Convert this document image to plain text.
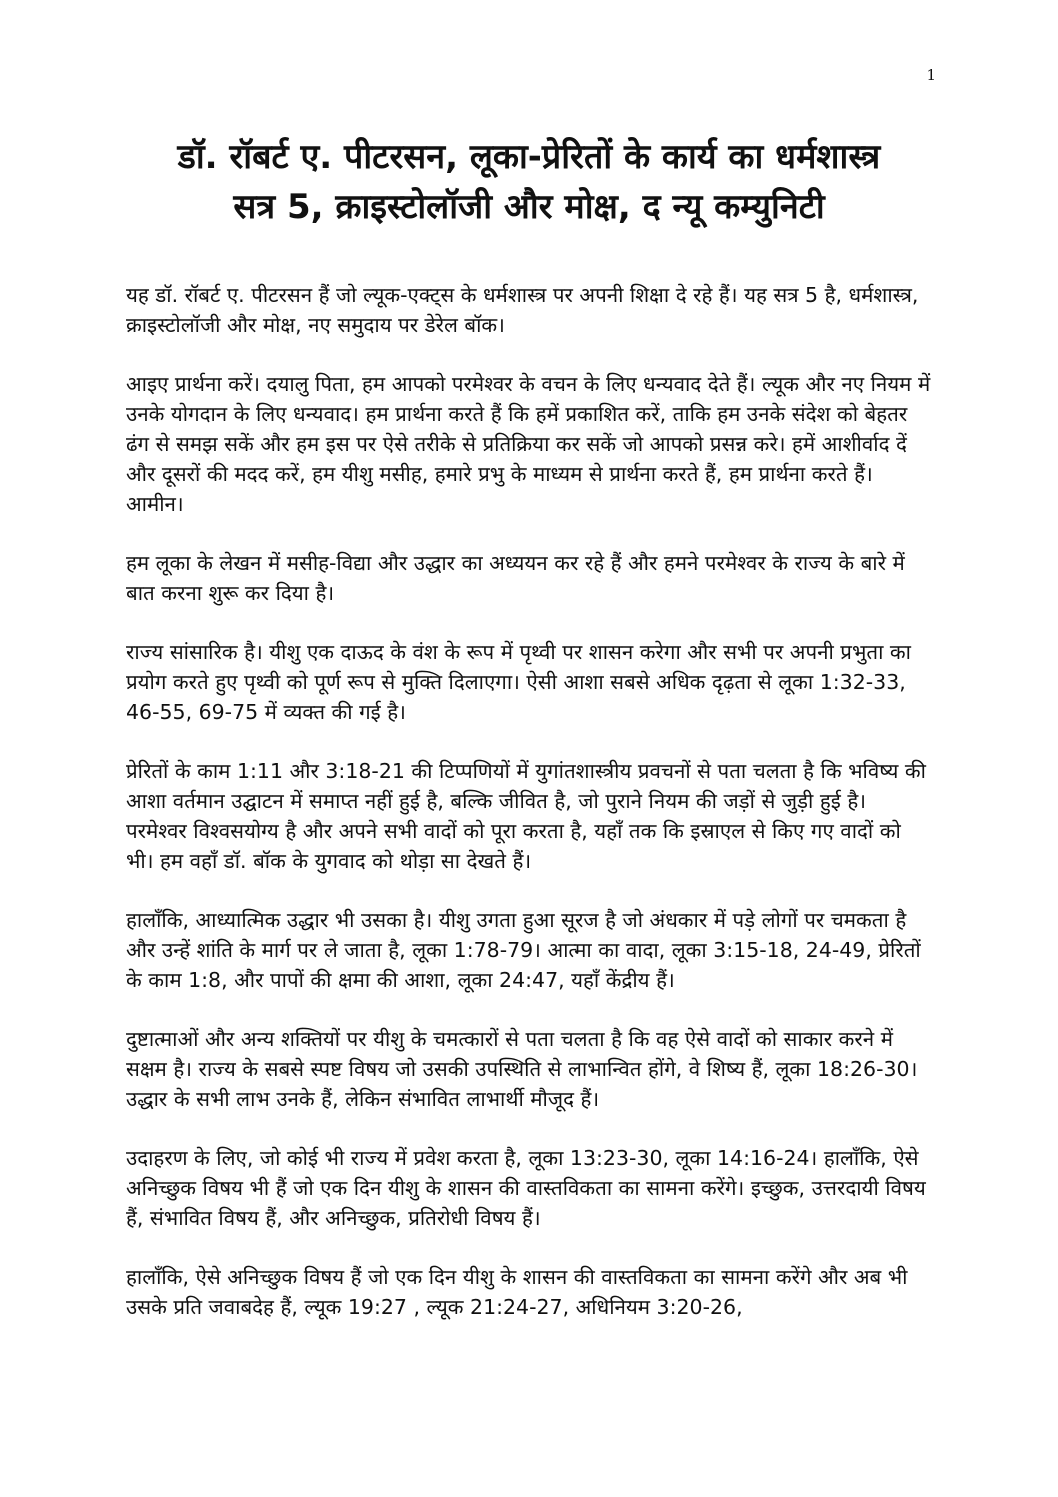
1
डॉ. रॉबर्ट ए. पीटरसन, लूका-प्रेरितों के कार्य का धर्मशास्त्र
सत्र 5, क्राइस्टोलॉजी और मोक्ष, द न्यू कम्युनिटी

यह डॉ. रॉबर्ट ए. पीटरसन हैं जो ल्यूक-एक्ट्स के धर्मशास्त्र पर अपनी शिक्षा दे रहे हैं। यह सत्र 5 है, धर्मशास्त्र, क्राइस्टोलॉजी और मोक्ष, नए समुदाय पर डेरेल बॉक।

आइए प्रार्थना करें। दयालु पिता, हम आपको परमेश्वर के वचन के लिए धन्यवाद देते हैं। ल्यूक और नए नियम में उनके योगदान के लिए धन्यवाद। हम प्रार्थना करते हैं कि हमें प्रकाशित करें, ताकि हम उनके संदेश को बेहतर ढंग से समझ सकें और हम इस पर ऐसे तरीके से प्रतिक्रिया कर सकें जो आपको प्रसन्न करे। हमें आशीर्वाद दें और दूसरों की मदद करें, हम यीशु मसीह, हमारे प्रभु के माध्यम से प्रार्थना करते हैं, हम प्रार्थना करते हैं। आमीन।

हम लूका के लेखन में मसीह-विद्या और उद्धार का अध्ययन कर रहे हैं और हमने परमेश्वर के राज्य के बारे में बात करना शुरू कर दिया है।

राज्य सांसारिक है। यीशु एक दाऊद के वंश के रूप में पृथ्वी पर शासन करेगा और सभी पर अपनी प्रभुता का प्रयोग करते हुए पृथ्वी को पूर्ण रूप से मुक्ति दिलाएगा। ऐसी आशा सबसे अधिक दृढ़ता से लूका 1:32-33, 46-55, 69-75 में व्यक्त की गई है।

प्रेरितों के काम 1:11 और 3:18-21 की टिप्पणियों में युगांतशास्त्रीय प्रवचनों से पता चलता है कि भविष्य की आशा वर्तमान उद्घाटन में समाप्त नहीं हुई है, बल्कि जीवित है, जो पुराने नियम की जड़ों से जुड़ी हुई है। परमेश्वर विश्वसयोग्य है और अपने सभी वादों को पूरा करता है, यहाँ तक कि इस्राएल से किए गए वादों को भी। हम वहाँ डॉ. बॉक के युगवाद को थोड़ा सा देखते हैं।

हालाँकि, आध्यात्मिक उद्धार भी उसका है। यीशु उगता हुआ सूरज है जो अंधकार में पड़े लोगों पर चमकता है और उन्हें शांति के मार्ग पर ले जाता है, लूका 1:78-79। आत्मा का वादा, लूका 3:15-18, 24-49, प्रेरितों के काम 1:8, और पापों की क्षमा की आशा, लूका 24:47, यहाँ केंद्रीय हैं।

दुष्टात्माओं और अन्य शक्तियों पर यीशु के चमत्कारों से पता चलता है कि वह ऐसे वादों को साकार करने में सक्षम है। राज्य के सबसे स्पष्ट विषय जो उसकी उपस्थिति से लाभान्वित होंगे, वे शिष्य हैं, लूका 18:26-30। उद्धार के सभी लाभ उनके हैं, लेकिन संभावित लाभार्थी मौजूद हैं।

उदाहरण के लिए, जो कोई भी राज्य में प्रवेश करता है, लूका 13:23-30, लूका 14:16-24। हालाँकि, ऐसे अनिच्छुक विषय भी हैं जो एक दिन यीशु के शासन की वास्तविकता का सामना करेंगे। इच्छुक, उत्तरदायी विषय हैं, संभावित विषय हैं, और अनिच्छुक, प्रतिरोधी विषय हैं।

हालाँकि, ऐसे अनिच्छुक विषय हैं जो एक दिन यीशु के शासन की वास्तविकता का सामना करेंगे और अब भी उसके प्रति जवाबदेह हैं, ल्यूक 19:27 , ल्यूक 21:24-27, अधिनियम 3:20-26,
